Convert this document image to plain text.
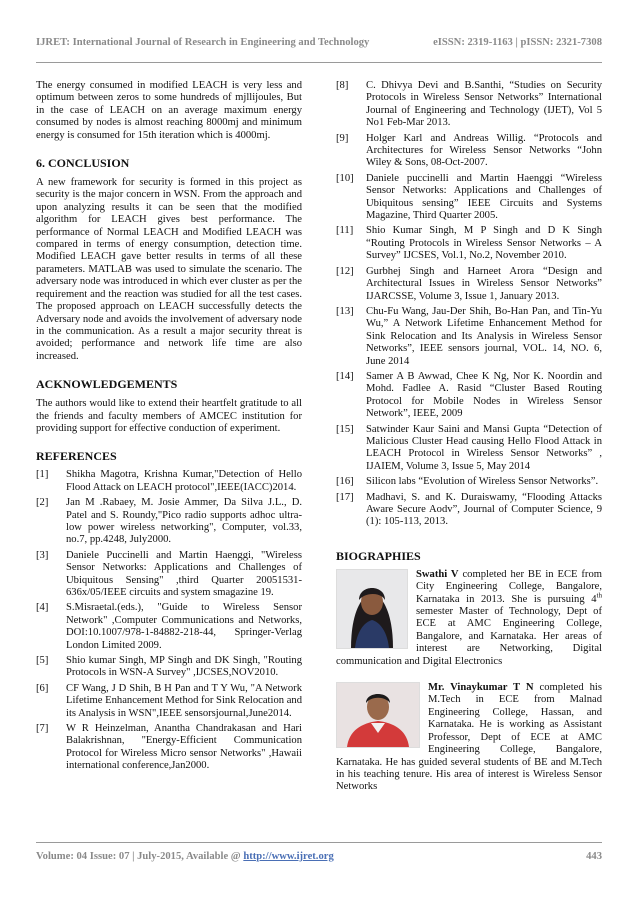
IJRET: International Journal of Research in Engineering and Technology	eISSN: 2319-1163 | pISSN: 2321-7308

The energy consumed in modified LEACH is very less and optimum between zeros to some hundreds of mjllijoules, But in the case of LEACH on an average maximum energy consumed by nodes is almost reaching 8000mj and minimum energy is consumed for 15th iteration which is 4000mj.

6. CONCLUSION

A new framework for security is formed in this project as security is the major concern in WSN. From the approach and upon analyzing results it can be seen that the modified algorithm for LEACH gives best performance. The performance of Normal LEACH and Modified LEACH was compared in terms of energy consumption, detection time. Modified LEACH gave better results in terms of all these parameters. MATLAB was used to simulate the scenario. The adversary node was introduced in which ever cluster as per the requirement and the reaction was studied for all the test cases. The proposed approach on LEACH successfully detects the Adversary node and avoids the involvement of adversary node in the communication. As a result a major security threat is avoided; performance and network life time are also increased.

ACKNOWLEDGEMENTS

The authors would like to extend their heartfelt gratitude to all the friends and faculty members of AMCEC institution for providing support for effective conduction of experiment.

REFERENCES
[1]	Shikha Magotra, Krishna Kumar,"Detection of Hello Flood Attack on LEACH protocol",IEEE(IACC)2014.
[2]	Jan M .Rabaey, M. Josie Ammer, Da Silva J.L., D. Patel and S. Roundy,"Pico radio supports adhoc ultra-low power wireless networking", Computer, vol.33, no.7, pp.4248, July2000.
[3]	Daniele Puccinelli and Martin Haenggi, "Wireless Sensor Networks: Applications and Challenges of Ubiquitous Sensing" ,third Quarter 20051531-636x/05/IEEE circuits and system smagazine 19.
[4]	S.Misraetal.(eds.), "Guide to Wireless Sensor Network" ,Computer Communications and Networks, DOI:10.1007/978-1-84882-218-44, Springer-Verlag London Limited 2009.
[5]	Shio kumar Singh, MP Singh and DK Singh, "Routing Protocols in WSN-A Survey" ,IJCSES,NOV2010.
[6]	CF Wang, J D Shih, B H Pan and T Y Wu, "A Network Lifetime Enhancement Method for Sink Relocation and its Analysis in WSN",IEEE sensorsjournal,June2014.
[7]	W R Heinzelman, Anantha Chandrakasan and Hari Balakrishnan, "Energy-Efficient Communication Protocol for Wireless Micro sensor Networks" ,Hawaii international conference,Jan2000.
[8]	C. Dhivya Devi and B.Santhi, “Studies on Security Protocols in Wireless Sensor Networks” International Journal of Engineering and Technology (IJET), Vol 5 No1 Feb-Mar 2013.
[9]	Holger Karl and Andreas Willig. “Protocols and Architectures for Wireless Sensor Networks “John Wiley & Sons, 08-Oct-2007.
[10]	Daniele puccinelli and Martin Haenggi “Wireless Sensor Networks: Applications and Challenges of Ubiquitous sensing” IEEE Circuits and Systems Magazine, Third Quarter 2005.
[11]	Shio Kumar Singh, M P Singh and D K Singh “Routing Protocols in Wireless Sensor Networks – A Survey” IJCSES, Vol.1, No.2, November 2010.
[12]	Gurbhej Singh and Harneet Arora “Design and Architectural Issues in Wireless Sensor Networks” IJARCSSE, Volume 3, Issue 1, January 2013.
[13]	Chu-Fu Wang, Jau-Der Shih, Bo-Han Pan, and Tin-Yu Wu,” A Network Lifetime Enhancement Method for Sink Relocation and Its Analysis in Wireless Sensor Networks”, IEEE sensors journal, VOL. 14, NO. 6, June 2014
[14]	Samer A B Awwad, Chee K Ng, Nor K. Noordin and Mohd. Fadlee A. Rasid “Cluster Based Routing Protocol for Mobile Nodes in Wireless Sensor Network”, IEEE, 2009
[15]	Satwinder Kaur Saini and Mansi Gupta “Detection of Malicious Cluster Head causing Hello Flood Attack in LEACH Protocol in Wireless Sensor Networks” , IJAIEM, Volume 3, Issue 5, May 2014
[16]	Silicon labs “Evolution of Wireless Sensor Networks”.
[17]	Madhavi, S. and K. Duraiswamy, “Flooding Attacks Aware Secure Aodv”, Journal of Computer Science, 9 (1): 105-113, 2013.
BIOGRAPHIES

Swathi V completed her BE in ECE from City Engineering College, Bangalore, Karnataka in 2013. She is pursuing 4th semester Master of Technology, Dept of ECE at AMC Engineering College, Bangalore, and Karnataka. Her areas of interest are Networking, Digital communication and Digital Electronics

Mr. Vinaykumar T N completed his M.Tech in ECE from Malnad Engineering College, Hassan, and Karnataka. He is working as Assistant Professor, Dept of ECE at AMC Engineering College, Bangalore, Karnataka. He has guided several students of BE and M.Tech in his teaching tenure. His area of interest is Wireless Sensor Networks

Volume: 04 Issue: 07 | July-2015, Available @ http://www.ijret.org	443
